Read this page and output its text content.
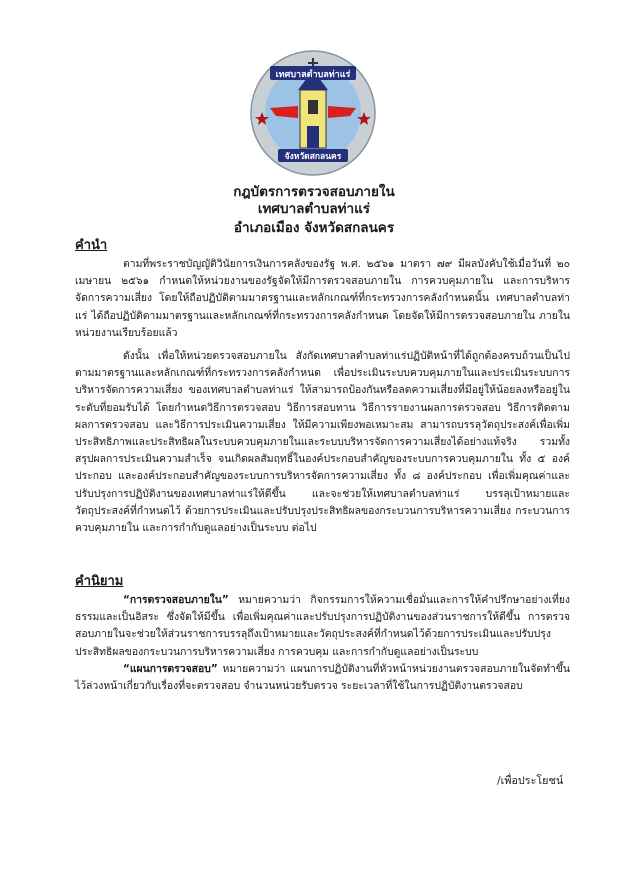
เทศบาลตำบลท่าแร่
จังหวัดสกลนคร
กฎบัตรการตรวจสอบภายใน
เทศบาลตำบลท่าแร่
อำเภอเมือง จังหวัดสกลนคร
คำนำ

ตามที่พระราชบัญญัติวินัยการเงินการคลังของรัฐ พ.ศ. ๒๕๖๑ มาตรา ๗๙ มีผลบังคับใช้เมื่อวันที่ ๒๐ เมษายน ๒๕๖๑ กำหนดให้หน่วยงานของรัฐจัดให้มีการตรวจสอบภายใน การควบคุมภายใน และการบริหารจัดการความเสี่ยง โดยให้ถือปฏิบัติตามมาตรฐานและหลักเกณฑ์ที่กระทรวงการคลังกำหนดนั้น เทศบาลตำบลท่าแร่ ได้ถือปฏิบัติตามมาตรฐานและหลักเกณฑ์ที่กระทรวงการคลังกำหนด โดยจัดให้มีการตรวจสอบภายใน ภายในหน่วยงานเรียบร้อยแล้ว

ดังนั้น เพื่อให้หน่วยตรวจสอบภายใน สังกัดเทศบาลตำบลท่าแร่ปฏิบัติหน้าที่ได้ถูกต้องครบถ้วนเป็นไปตามมาตรฐานและหลักเกณฑ์ที่กระทรวงการคลังกำหนด เพื่อประเมินระบบควบคุมภายในและประเมินระบบการบริหารจัดการความเสี่ยง ของเทศบาลตำบลท่าแร่ ให้สามารถป้องกันหรือลดความเสี่ยงที่มีอยู่ให้น้อยลงหรืออยู่ในระดับที่ยอมรับได้ โดยกำหนดวิธีการตรวจสอบ วิธีการสอบทาน วิธีการรายงานผลการตรวจสอบ วิธีการติดตามผลการตรวจสอบ และวิธีการประเมินความเสี่ยง ให้มีความเพียงพอเหมาะสม สามารถบรรลุวัตถุประสงค์เพื่อเพิ่มประสิทธิภาพและประสิทธิผลในระบบควบคุมภายในและระบบบริหารจัดการความเสี่ยงได้อย่างแท้จริง รวมทั้ง สรุปผลการประเมินความสำเร็จ จนเกิดผลสัมฤทธิ์ในองค์ประกอบสำคัญของระบบการควบคุมภายใน ทั้ง ๕ องค์ประกอบ และองค์ประกอบสำคัญของระบบการบริหารจัดการความเสี่ยง ทั้ง ๘ องค์ประกอบ เพื่อเพิ่มคุณค่าและปรับปรุงการปฏิบัติงานของเทศบาลท่าแร่ให้ดีขึ้น และจะช่วยให้เทศบาลตำบลท่าแร่ บรรลุเป้าหมายและวัตถุประสงค์ที่กำหนดไว้ ด้วยการประเมินและปรับปรุงประสิทธิผลของกระบวนการบริหารความเสี่ยง กระบวนการควบคุมภายใน และการกำกับดูแลอย่างเป็นระบบ ต่อไป

คำนิยาม

“การตรวจสอบภายใน” หมายความว่า กิจกรรมการให้ความเชื่อมั่นและการให้คำปรึกษาอย่างเที่ยงธรรมและเป็นอิสระ ซึ่งจัดให้มีขึ้น เพื่อเพิ่มคุณค่าและปรับปรุงการปฏิบัติงานของส่วนราชการให้ดีขึ้น การตรวจสอบภายในจะช่วยให้ส่วนราชการบรรลุถึงเป้าหมายและวัตถุประสงค์ที่กำหนดไว้ด้วยการประเมินและปรับปรุงประสิทธิผลของกระบวนการบริหารความเสี่ยง การควบคุม และการกำกับดูแลอย่างเป็นระบบ

“แผนการตรวจสอบ” หมายความว่า แผนการปฏิบัติงานที่หัวหน้าหน่วยงานตรวจสอบภายในจัดทำขึ้นไว้ล่วงหน้าเกี่ยวกับเรื่องที่จะตรวจสอบ จำนวนหน่วยรับตรวจ ระยะเวลาที่ใช้ในการปฏิบัติงานตรวจสอบ

/เพื่อประโยชน์
